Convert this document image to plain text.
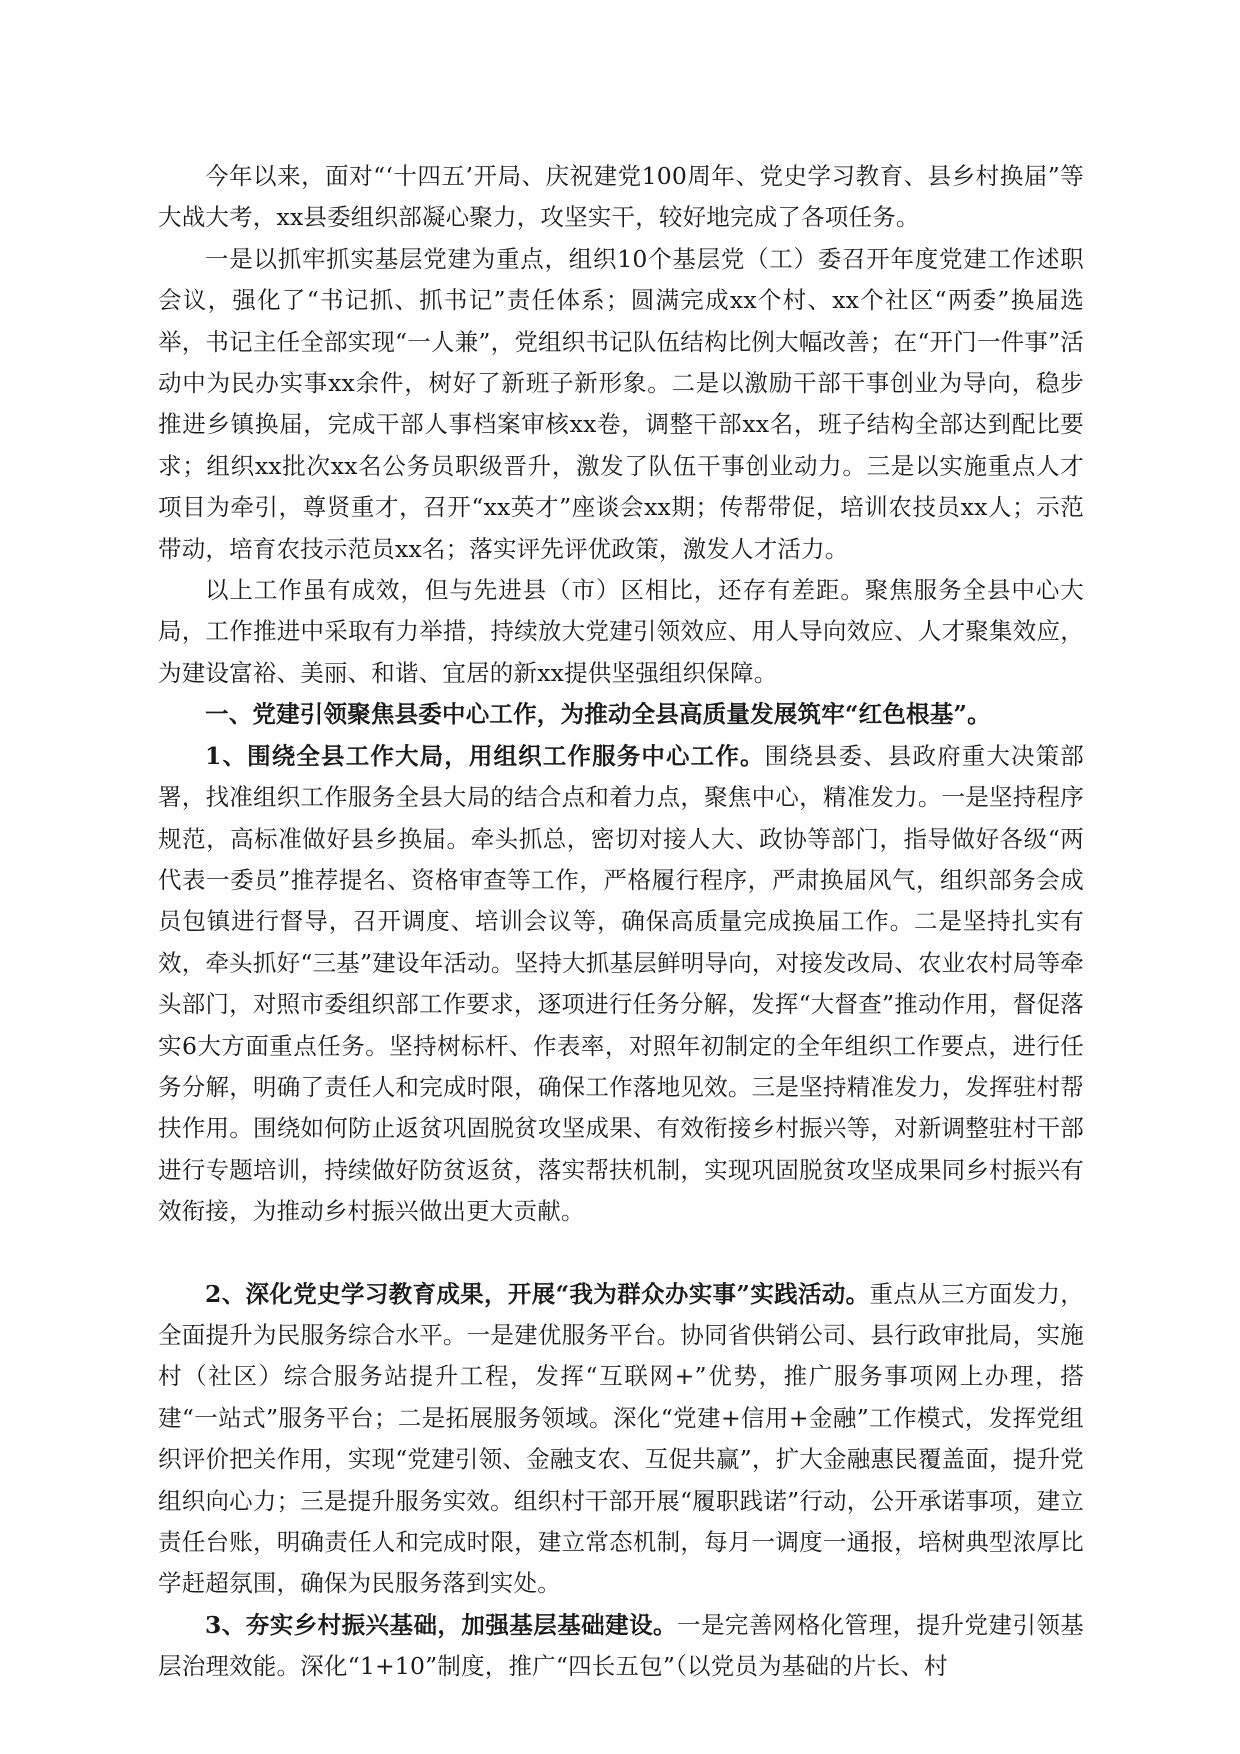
今年以来，面对“‘十四五’开局、庆祝建党100周年、党史学习教育、县乡村换届”等大战大考，xx县委组织部凝心聚力，攻坚实干，较好地完成了各项任务。

一是以抓牢抓实基层党建为重点，组织10个基层党（工）委召开年度党建工作述职会议，强化了“书记抓、抓书记”责任体系；圆满完成xx个村、xx个社区“两委”换届选举，书记主任全部实现“一人兼”，党组织书记队伍结构比例大幅改善；在“开门一件事”活动中为民办实事xx余件，树好了新班子新形象。二是以激励干部干事创业为导向，稳步推进乡镇换届，完成干部人事档案审核xx卷，调整干部xx名，班子结构全部达到配比要求；组织xx批次xx名公务员职级晋升，激发了队伍干事创业动力。三是以实施重点人才项目为牵引，尊贤重才，召开“xx英才”座谈会xx期；传帮带促，培训农技员xx人；示范带动，培育农技示范员xx名；落实评先评优政策，激发人才活力。

以上工作虽有成效，但与先进县（市）区相比，还存有差距。聚焦服务全县中心大局，工作推进中采取有力举措，持续放大党建引领效应、用人导向效应、人才聚集效应，为建设富裕、美丽、和谐、宜居的新xx提供坚强组织保障。

一、党建引领聚焦县委中心工作，为推动全县高质量发展筑牢“红色根基”。

1、围绕全县工作大局，用组织工作服务中心工作。围绕县委、县政府重大决策部署，找准组织工作服务全县大局的结合点和着力点，聚焦中心，精准发力。一是坚持程序规范，高标准做好县乡换届。牵头抓总，密切对接人大、政协等部门，指导做好各级“两代表一委员”推荐提名、资格审查等工作，严格履行程序，严肃换届风气，组织部务会成员包镇进行督导，召开调度、培训会议等，确保高质量完成换届工作。二是坚持扎实有效，牵头抓好“三基”建设年活动。坚持大抓基层鲜明导向，对接发改局、农业农村局等牵头部门，对照市委组织部工作要求，逐项进行任务分解，发挥“大督查”推动作用，督促落实6大方面重点任务。坚持树标杆、作表率，对照年初制定的全年组织工作要点，进行任务分解，明确了责任人和完成时限，确保工作落地见效。三是坚持精准发力，发挥驻村帮扶作用。围绕如何防止返贫巩固脱贫攻坚成果、有效衔接乡村振兴等，对新调整驻村干部进行专题培训，持续做好防贫返贫，落实帮扶机制，实现巩固脱贫攻坚成果同乡村振兴有效衔接，为推动乡村振兴做出更大贡献。

2、深化党史学习教育成果，开展“我为群众办实事”实践活动。重点从三方面发力，全面提升为民服务综合水平。一是建优服务平台。协同省供销公司、县行政审批局，实施村（社区）综合服务站提升工程，发挥“互联网+”优势，推广服务事项网上办理，搭建“一站式”服务平台；二是拓展服务领域。深化“党建+信用+金融”工作模式，发挥党组织评价把关作用，实现“党建引领、金融支农、互促共赢”，扩大金融惠民覆盖面，提升党组织向心力；三是提升服务实效。组织村干部开展“履职践诺”行动，公开承诺事项，建立责任台账，明确责任人和完成时限，建立常态机制，每月一调度一通报，培树典型浓厚比学赶超氛围，确保为民服务落到实处。

3、夯实乡村振兴基础，加强基层基础建设。一是完善网格化管理，提升党建引领基层治理效能。深化“1+10”制度，推广“四长五包”（以党员为基础的片长、村
